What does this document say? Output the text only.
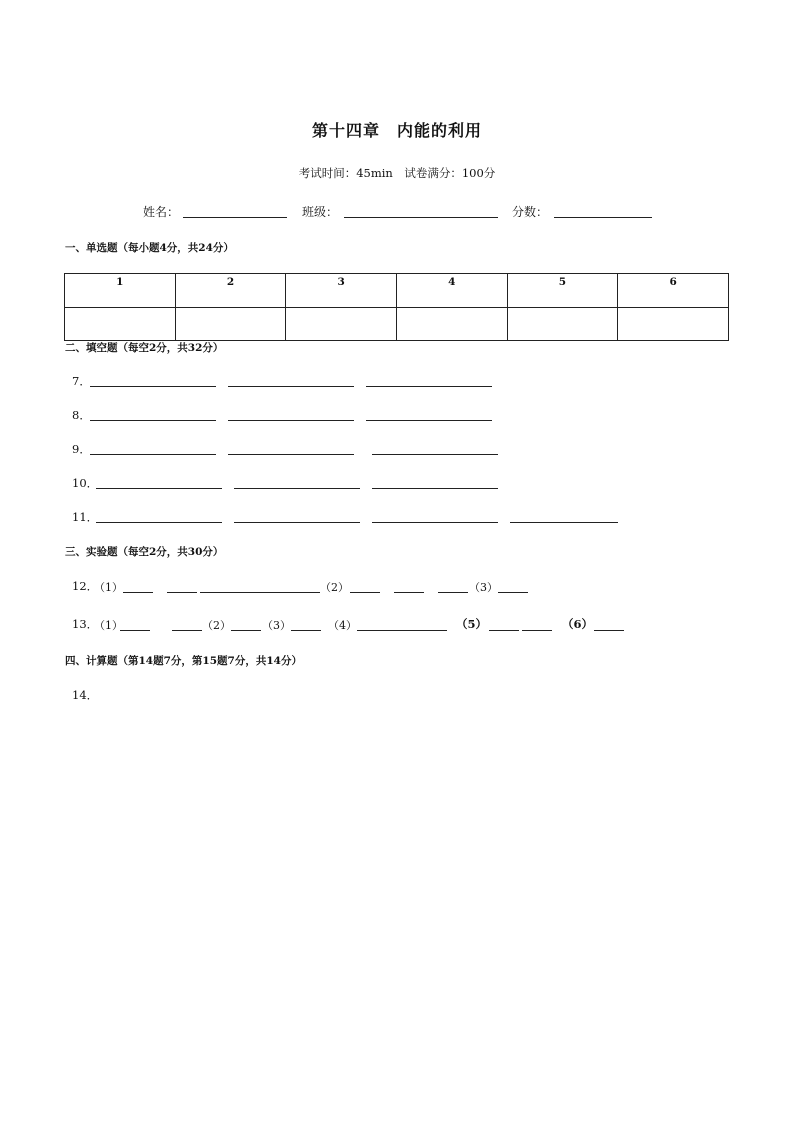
第十四章　内能的利用
考试时间：45min　试卷满分：100分
姓名：	班级：	分数：
一、单选题（每小题4分，共24分）
1	2	3	4	5	6

二、填空题（每空2分，共32分）
7．
8．
9．
10．
11．
三、实验题（每空2分，共30分）
12．
（1）	（2）	（3）
13．
（1）	（2）	（3）	（4）	（5）	（6）
四、计算题（第14题7分，第15题7分，共14分）
14．
